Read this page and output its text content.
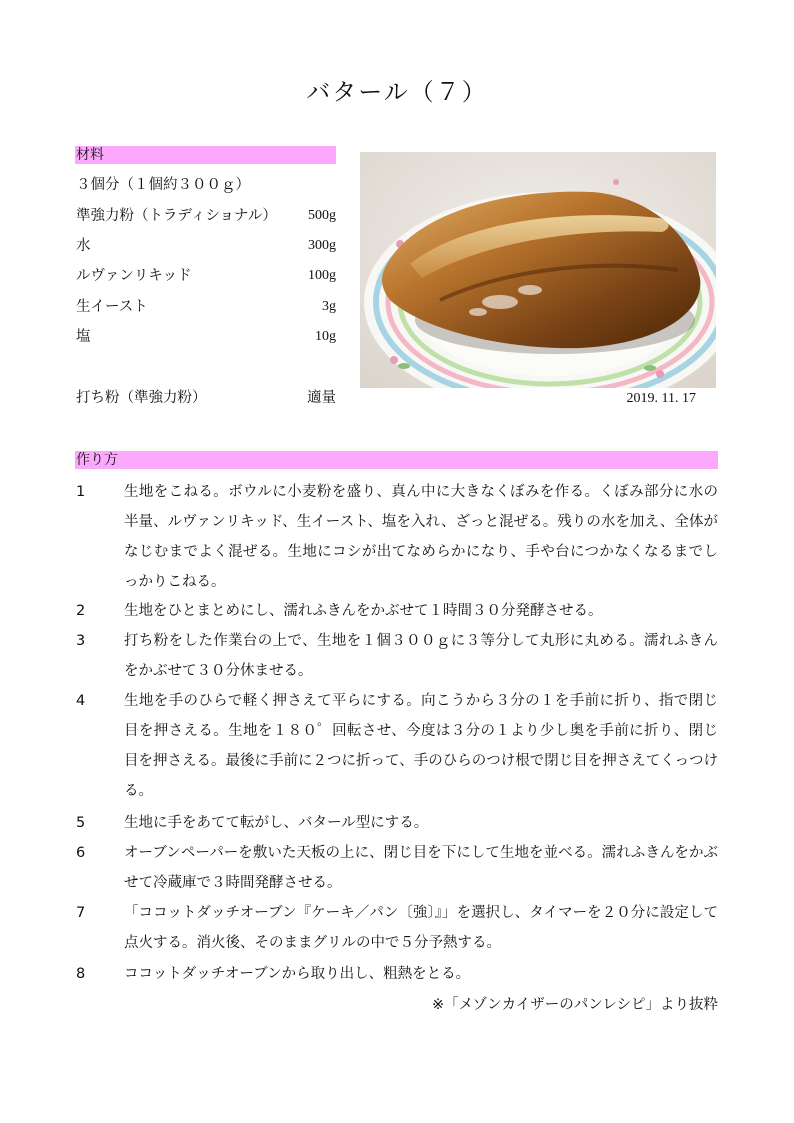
バタール（７）
材料
３個分（１個約３００ｇ）
準強力粉（トラディショナル） 500g
水	300g
ルヴァンリキッド	100g
生イースト	3g
塩	10g
打ち粉（準強力粉）	適量	2019. 11. 17
作り方
1	生地をこねる。ボウルに小麦粉を盛り、真ん中に大きなくぼみを作る。くぼみ部分に水の半量、ルヴァンリキッド、生イースト、塩を入れ、ざっと混ぜる。残りの水を加え、全体がなじむまでよく混ぜる。生地にコシが出てなめらかになり、手や台につかなくなるまでしっかりこねる。
2	生地をひとまとめにし、濡れふきんをかぶせて１時間３０分発酵させる。
3	打ち粉をした作業台の上で、生地を１個３００ｇに３等分して丸形に丸める。濡れふきんをかぶせて３０分休ませる。
4	生地を手のひらで軽く押さえて平らにする。向こうから３分の１を手前に折り、指で閉じ目を押さえる。生地を１８０゜回転させ、今度は３分の１より少し奥を手前に折り、閉じ目を押さえる。最後に手前に２つに折って、手のひらのつけ根で閉じ目を押さえてくっつける。
5	生地に手をあてて転がし、バタール型にする。
6	オーブンペーパーを敷いた天板の上に、閉じ目を下にして生地を並べる。濡れふきんをかぶせて冷蔵庫で３時間発酵させる。
7	「ココットダッチオーブン『ケーキ／パン〔強〕』」を選択し、タイマーを２０分に設定して点火する。消火後、そのままグリルの中で５分予熱する。
8	ココットダッチオーブンから取り出し、粗熱をとる。
※「メゾンカイザーのパンレシピ」より抜粋
